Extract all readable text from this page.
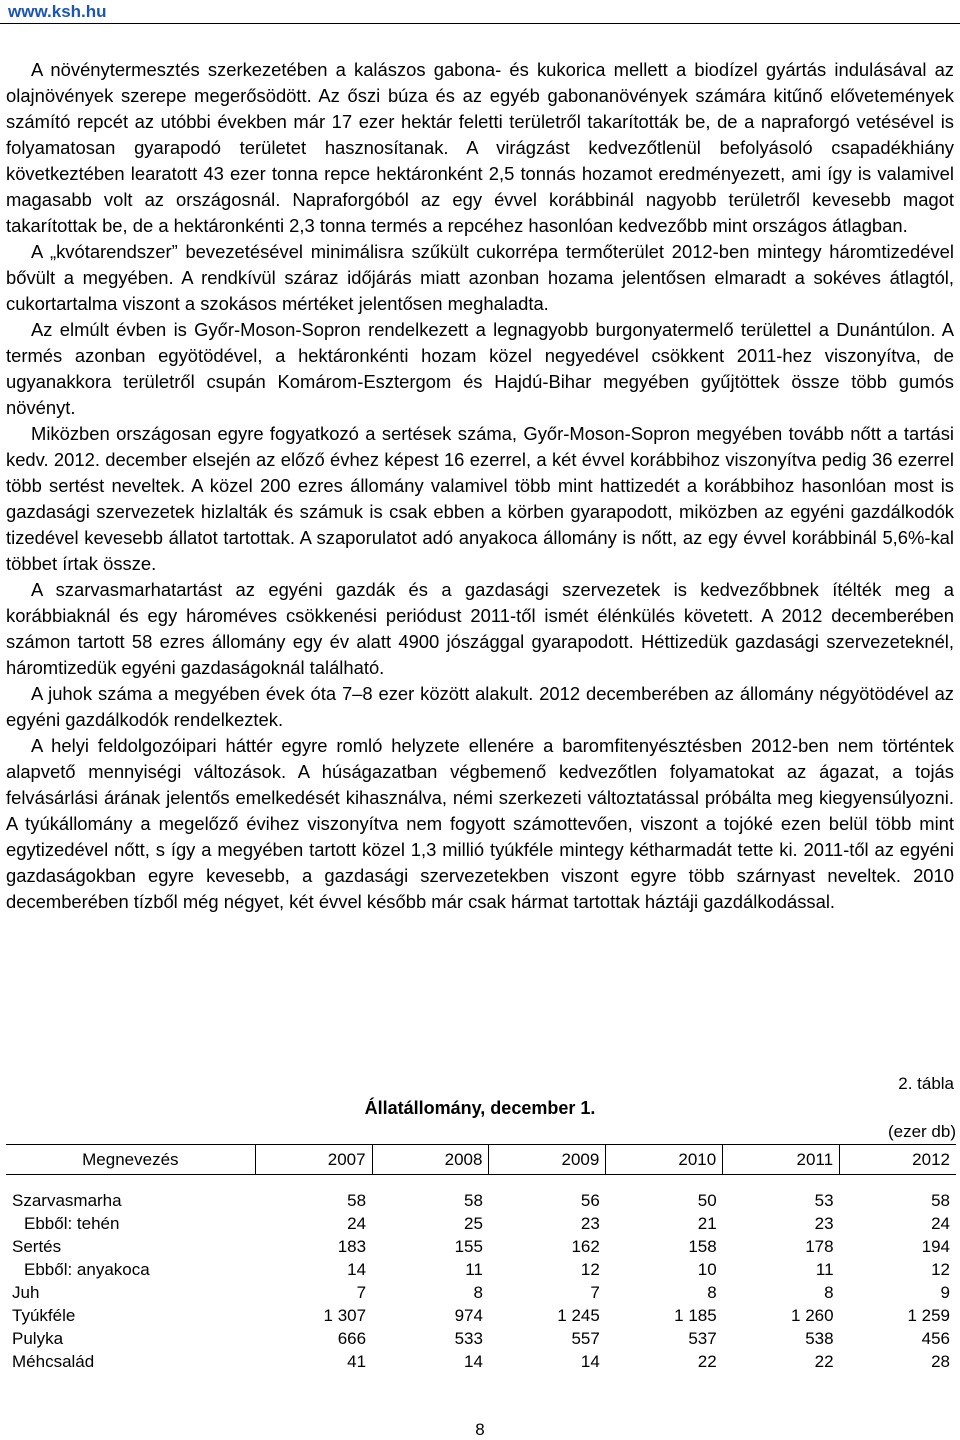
www.ksh.hu

A növénytermesztés szerkezetében a kalászos gabona- és kukorica mellett a biodízel gyártás indulásával az olajnövények szerepe megerősödött. Az őszi búza és az egyéb gabonanövények számára kitűnő elővetemények számító repcét az utóbbi években már 17 ezer hektár feletti területről takarították be, de a napraforgó vetésével is folyamatosan gyarapodó területet hasznosítanak. A virágzást kedvezőtlenül befolyásoló csapadékhiány következtében learatott 43 ezer tonna repce hektáronként 2,5 tonnás hozamot eredményezett, ami így is valamivel magasabb volt az országosnál. Napraforgóból az egy évvel korábbinál nagyobb területről kevesebb magot takarítottak be, de a hektáronkénti 2,3 tonna termés a repcéhez hasonlóan kedvezőbb mint országos átlagban.

A „kvótarendszer” bevezetésével minimálisra szűkült cukorrépa termőterület 2012-ben mintegy háromtizedével bővült a megyében. A rendkívül száraz időjárás miatt azonban hozama jelentősen elmaradt a sokéves átlagtól, cukortartalma viszont a szokásos mértéket jelentősen meghaladta.

Az elmúlt évben is Győr-Moson-Sopron rendelkezett a legnagyobb burgonyatermelő területtel a Dunántúlon. A termés azonban egyötödével, a hektáronkénti hozam közel negyedével csökkent 2011-hez viszonyítva, de ugyanakkora területről csupán Komárom-Esztergom és Hajdú-Bihar megyében gyűjtöttek össze több gumós növényt.

Miközben országosan egyre fogyatkozó a sertések száma, Győr-Moson-Sopron megyében tovább nőtt a tartási kedv. 2012. december elsején az előző évhez képest 16 ezerrel, a két évvel korábbihoz viszonyítva pedig 36 ezerrel több sertést neveltek. A közel 200 ezres állomány valamivel több mint hattizedét a korábbihoz hasonlóan most is gazdasági szervezetek hizlalták és számuk is csak ebben a körben gyarapodott, miközben az egyéni gazdálkodók tizedével kevesebb állatot tartottak. A szaporulatot adó anyakoca állomány is nőtt, az egy évvel korábbinál 5,6%-kal többet írtak össze.

A szarvasmarhatartást az egyéni gazdák és a gazdasági szervezetek is kedvezőbbnek ítélték meg a korábbiaknál és egy hároméves csökkenési periódust 2011-től ismét élénkülés követett. A 2012 decemberében számon tartott 58 ezres állomány egy év alatt 4900 jószággal gyarapodott. Héttizedük gazdasági szervezeteknél, háromtizedük egyéni gazdaságoknál található.

A juhok száma a megyében évek óta 7–8 ezer között alakult. 2012 decemberében az állomány négyötödével az egyéni gazdálkodók rendelkeztek.

A helyi feldolgozóipari háttér egyre romló helyzete ellenére a baromfitenyésztésben 2012-ben nem történtek alapvető mennyiségi változások. A húságazatban végbemenő kedvezőtlen folyamatokat az ágazat, a tojás felvásárlási árának jelentős emelkedését kihasználva, némi szerkezeti változtatással próbálta meg kiegyensúlyozni. A tyúkállomány a megelőző évihez viszonyítva nem fogyott számottevően, viszont a tojóké ezen belül több mint egytizedével nőtt, s így a megyében tartott közel 1,3 millió tyúkféle mintegy kétharmadát tette ki. 2011-től az egyéni gazdaságokban egyre kevesebb, a gazdasági szervezetekben viszont egyre több szárnyast neveltek. 2010 decemberében tízből még négyet, két évvel később már csak hármat tartottak háztáji gazdálkodással.

2. tábla
Állatállomány, december 1.
(ezer db)
Megnevezés	2007	2008	2009	2010	2011	2012
Szarvasmarha	58	58	56	50	53	58
Ebből: tehén	24	25	23	21	23	24
Sertés	183	155	162	158	178	194
Ebből: anyakoca	14	11	12	10	11	12
Juh	7	8	7	8	8	9
Tyúkféle	1 307	974	1 245	1 185	1 260	1 259
Pulyka	666	533	557	537	538	456
Méhcsalád	41	14	14	22	22	28
8
